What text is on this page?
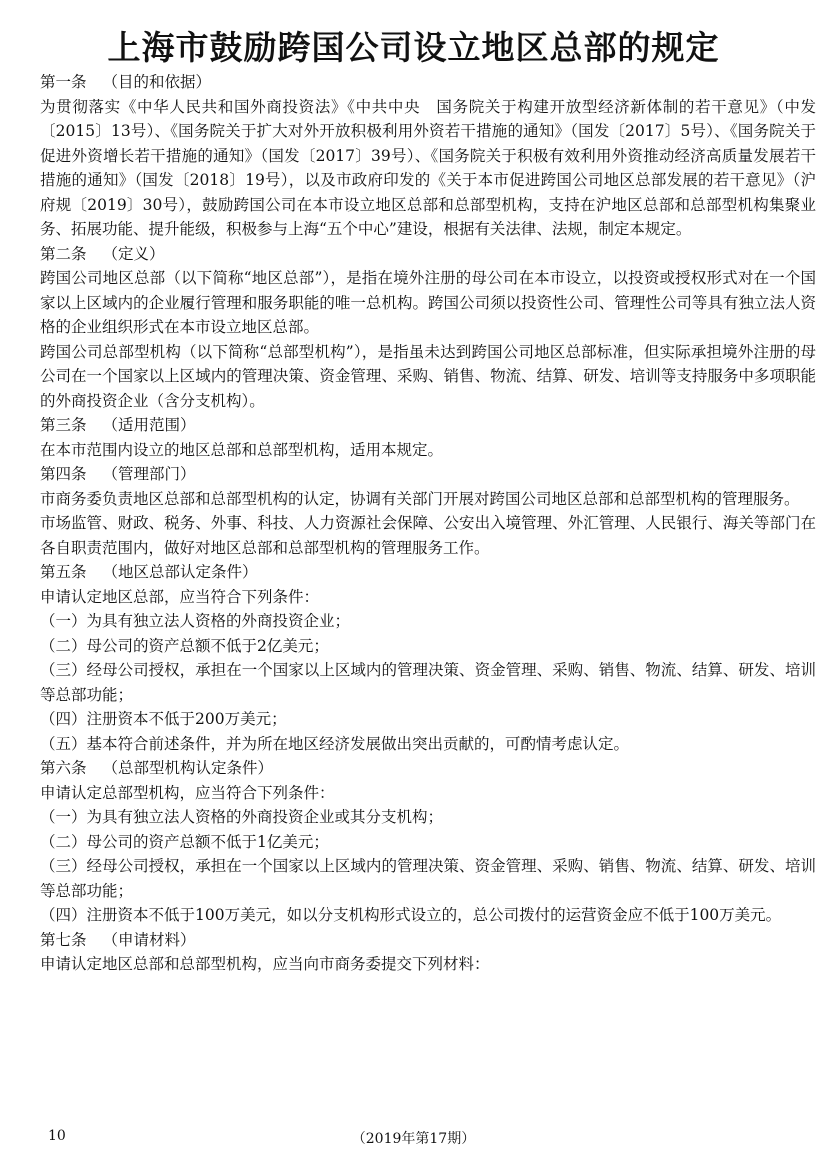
上海市鼓励跨国公司设立地区总部的规定

第一条 （目的和依据）

为贯彻落实《中华人民共和国外商投资法》《中共中央　国务院关于构建开放型经济新体制的若干意见》（中发〔2015〕13号）、《国务院关于扩大对外开放积极利用外资若干措施的通知》（国发〔2017〕5号）、《国务院关于促进外资增长若干措施的通知》（国发〔2017〕39号）、《国务院关于积极有效利用外资推动经济高质量发展若干措施的通知》（国发〔2018〕19号），以及市政府印发的《关于本市促进跨国公司地区总部发展的若干意见》（沪府规〔2019〕30号），鼓励跨国公司在本市设立地区总部和总部型机构，支持在沪地区总部和总部型机构集聚业务、拓展功能、提升能级，积极参与上海“五个中心”建设，根据有关法律、法规，制定本规定。

第二条 （定义）

跨国公司地区总部（以下简称“地区总部”），是指在境外注册的母公司在本市设立，以投资或授权形式对在一个国家以上区域内的企业履行管理和服务职能的唯一总机构。跨国公司须以投资性公司、管理性公司等具有独立法人资格的企业组织形式在本市设立地区总部。

跨国公司总部型机构（以下简称“总部型机构”），是指虽未达到跨国公司地区总部标准，但实际承担境外注册的母公司在一个国家以上区域内的管理决策、资金管理、采购、销售、物流、结算、研发、培训等支持服务中多项职能的外商投资企业（含分支机构）。

第三条 （适用范围）

在本市范围内设立的地区总部和总部型机构，适用本规定。

第四条 （管理部门）

市商务委负责地区总部和总部型机构的认定，协调有关部门开展对跨国公司地区总部和总部型机构的管理服务。

市场监管、财政、税务、外事、科技、人力资源社会保障、公安出入境管理、外汇管理、人民银行、海关等部门在各自职责范围内，做好对地区总部和总部型机构的管理服务工作。

第五条 （地区总部认定条件）

申请认定地区总部，应当符合下列条件：

（一）为具有独立法人资格的外商投资企业；

（二）母公司的资产总额不低于2亿美元；

（三）经母公司授权，承担在一个国家以上区域内的管理决策、资金管理、采购、销售、物流、结算、研发、培训等总部功能；

（四）注册资本不低于200万美元；

（五）基本符合前述条件，并为所在地区经济发展做出突出贡献的，可酌情考虑认定。

第六条 （总部型机构认定条件）

申请认定总部型机构，应当符合下列条件：

（一）为具有独立法人资格的外商投资企业或其分支机构；

（二）母公司的资产总额不低于1亿美元；

（三）经母公司授权，承担在一个国家以上区域内的管理决策、资金管理、采购、销售、物流、结算、研发、培训等总部功能；

（四）注册资本不低于100万美元，如以分支机构形式设立的，总公司拨付的运营资金应不低于100万美元。

第七条 （申请材料）

申请认定地区总部和总部型机构，应当向市商务委提交下列材料：

10	（2019年第17期）
